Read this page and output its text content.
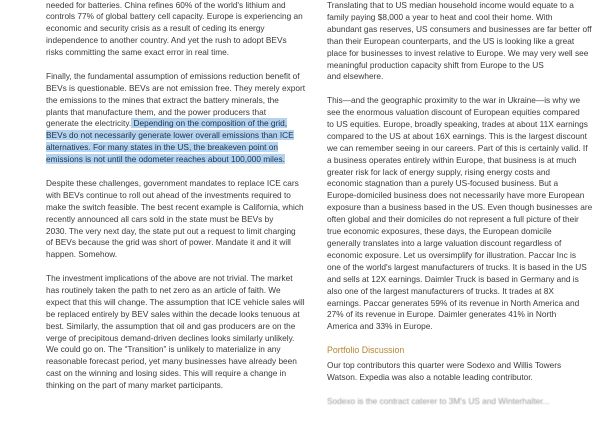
needed for batteries. China refines 60% of the world's lithium and
controls 77% of global battery cell capacity. Europe is experiencing an
economic and security crisis as a result of ceding its energy
independence to another country. And yet the rush to adopt BEVs
risks committing the same exact error in real time.

Finally, the fundamental assumption of emissions reduction benefit of
BEVs is questionable. BEVs are not emission free. They merely export
the emissions to the mines that extract the battery minerals, the
plants that manufacture them, and the power producers that
generate the electricity. Depending on the composition of the grid,
BEVs do not necessarily generate lower overall emissions than ICE
alternatives. For many states in the US, the breakeven point on
emissions is not until the odometer reaches about 100,000 miles.

Despite these challenges, government mandates to replace ICE cars
with BEVs continue to roll out ahead of the investments required to
make the switch feasible. The best recent example is California, which
recently announced all cars sold in the state must be BEVs by
2030. The very next day, the state put out a request to limit charging
of BEVs because the grid was short of power. Mandate it and it will
happen. Somehow.

The investment implications of the above are not trivial. The market
has routinely taken the path to net zero as an article of faith. We
expect that this will change. The assumption that ICE vehicle sales will
be replaced entirely by BEV sales within the decade looks tenuous at
best. Similarly, the assumption that oil and gas producers are on the
verge of precipitous demand-driven declines looks similarly unlikely.
We could go on. The “Transition” is unlikely to materialize in any
reasonable forecast period, yet many businesses have already been
cast on the winning and losing sides. This will require a change in
thinking on the part of many market participants.

Translating that to US median household income would equate to a
family paying $8,000 a year to heat and cool their home. With
abundant gas reserves, US consumers and businesses are far better off
than their European counterparts, and the US is looking like a great
place for businesses to invest relative to Europe. We may very well see
meaningful production capacity shift from Europe to the US
and elsewhere.

This—and the geographic proximity to the war in Ukraine—is why we
see the enormous valuation discount of European equities compared
to US equities. Europe, broadly speaking, trades at about 11X earnings
compared to the US at about 16X earnings. This is the largest discount
we can remember seeing in our careers. Part of this is certainly valid. If
a business operates entirely within Europe, that business is at much
greater risk for lack of energy supply, rising energy costs and
economic stagnation than a purely US-focused business. But a
Europe-domiciled business does not necessarily have more European
exposure than a business based in the US. Even though businesses are
often global and their domiciles do not represent a full picture of their
true economic exposures, these days, the European domicile
generally translates into a large valuation discount regardless of
economic exposure. Let us oversimplify for illustration. Paccar Inc is
one of the world's largest manufacturers of trucks. It is based in the US
and sells at 12X earnings. Daimler Truck is based in Germany and is
also one of the largest manufacturers of trucks. It trades at 8X
earnings. Paccar generates 59% of its revenue in North America and
27% of its revenue in Europe. Daimler generates 41% in North
America and 33% in Europe.

Portfolio Discussion

Our top contributors this quarter were Sodexo and Willis Towers
Watson. Expedia was also a notable leading contributor.

Sodexo is the contract caterer to 3M's US and Winterhalter...
